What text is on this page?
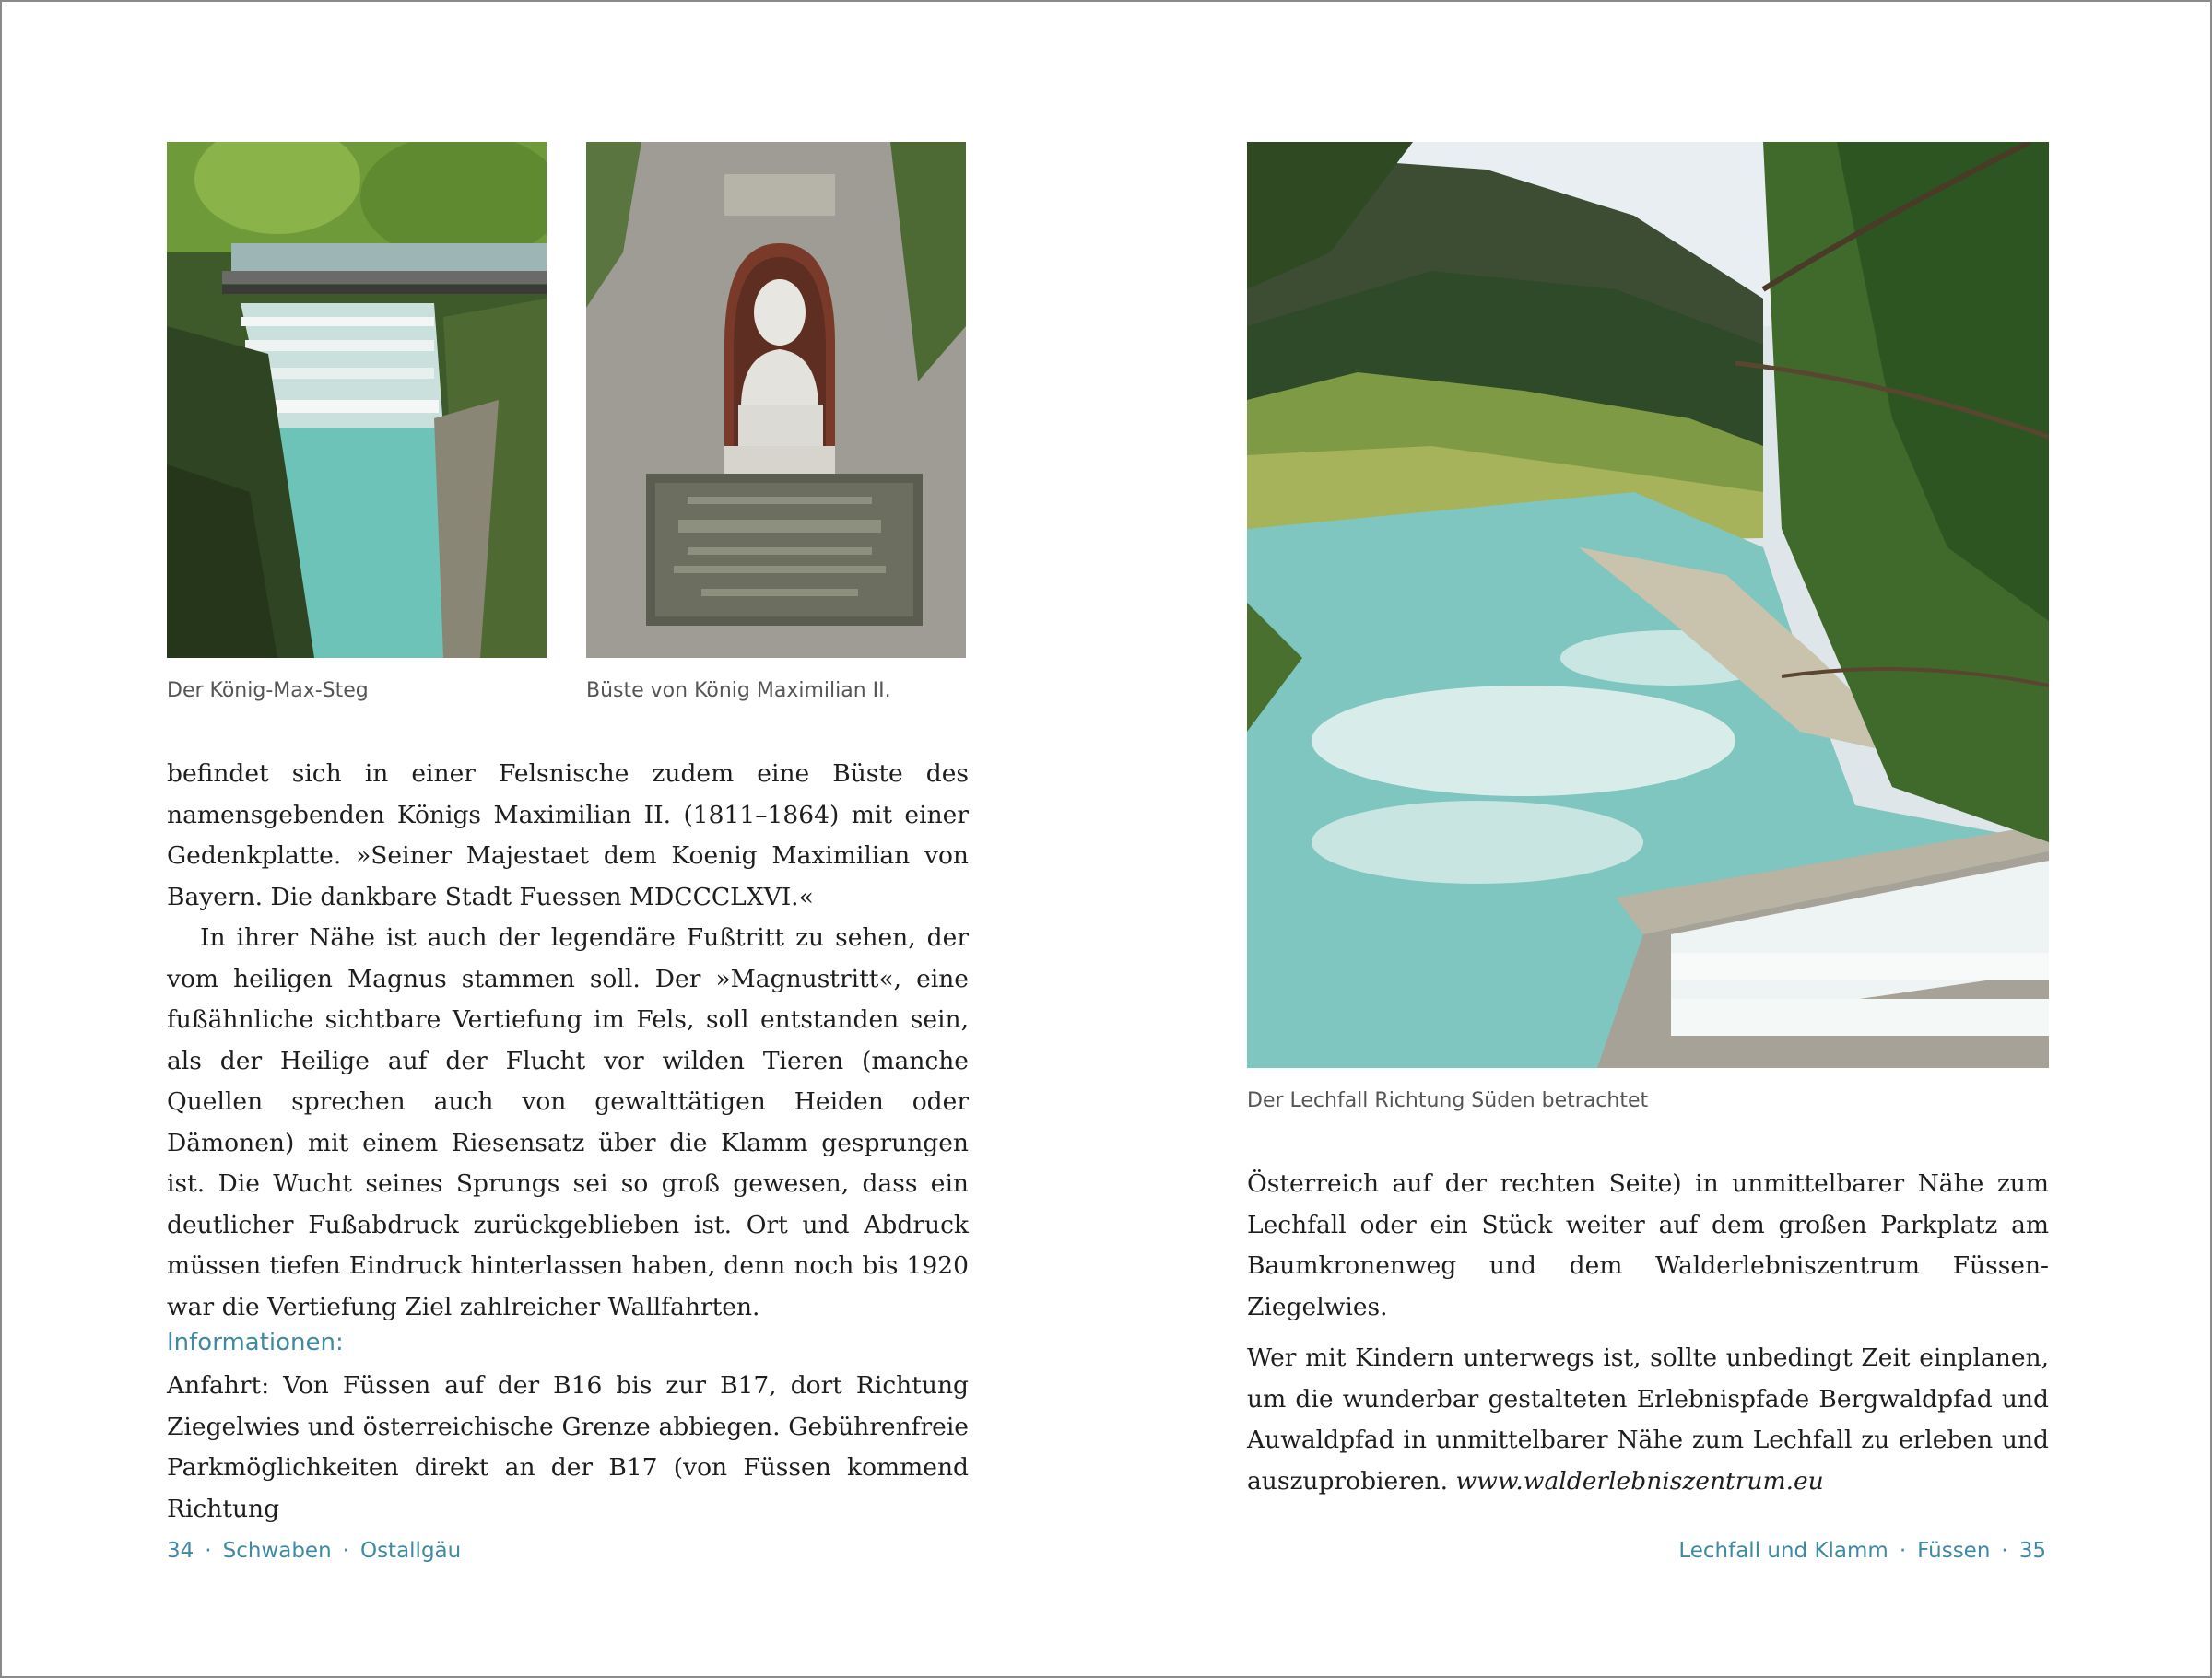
Der König-Max-Steg	Büste von König Maximilian II.

befindet sich in einer Felsnische zudem eine Büste des namensgebenden Königs Maximilian II. (1811–1864) mit einer Gedenkplatte. »Seiner Majestaet dem Koenig Maximilian von Bayern. Die dankbare Stadt Fuessen MDCCCLXVI.«

In ihrer Nähe ist auch der legendäre Fußtritt zu sehen, der vom heiligen Magnus stammen soll. Der »Magnustritt«, eine fußähnliche sichtbare Vertiefung im Fels, soll entstanden sein, als der Heilige auf der Flucht vor wilden Tieren (manche Quellen sprechen auch von gewalttätigen Heiden oder Dämonen) mit einem Riesensatz über die Klamm gesprungen ist. Die Wucht seines Sprungs sei so groß gewesen, dass ein deutlicher Fußabdruck zurückgeblieben ist. Ort und Abdruck müssen tiefen Eindruck hinterlassen haben, denn noch bis 1920 war die Vertiefung Ziel zahlreicher Wallfahrten.

Informationen:
Anfahrt: Von Füssen auf der B16 bis zur B17, dort Richtung Ziegelwies und österreichische Grenze abbiegen. Gebührenfreie Parkmöglichkeiten direkt an der B17 (von Füssen kommend Richtung
34 · Schwaben · Ostallgäu
Der Lechfall Richtung Süden betrachtet

Österreich auf der rechten Seite) in unmittelbarer Nähe zum Lechfall oder ein Stück weiter auf dem großen Parkplatz am Baumkronenweg und dem Walderlebniszentrum Füssen-Ziegelwies.

Wer mit Kindern unterwegs ist, sollte unbedingt Zeit einplanen, um die wunderbar gestalteten Erlebnispfade Bergwaldpfad und Auwaldpfad in unmittelbarer Nähe zum Lechfall zu erleben und auszuprobieren. www.walderlebniszentrum.eu

Lechfall und Klamm · Füssen · 35
